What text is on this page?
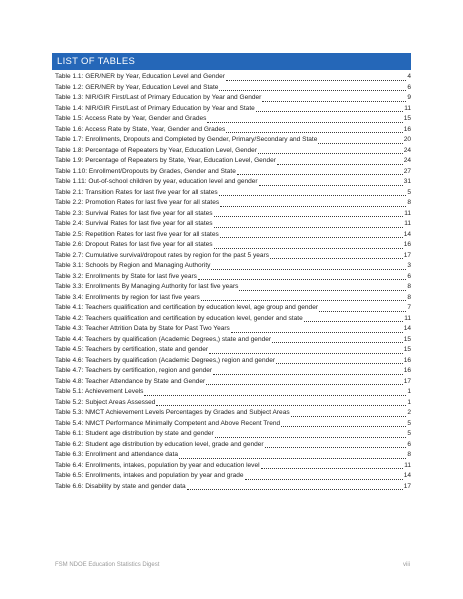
LIST OF TABLES
Table 1.1: GER/NER by Year, Education Level and Gender	4
Table 1.2: GER/NER by Year, Education Level and State	6
Table 1.3: NIR/GIR First/Last of Primary Education by Year and Gender	9
Table 1.4: NIR/GIR First/Last of Primary Education by Year and State	11
Table 1.5: Access Rate by Year, Gender and Grades	15
Table 1.6: Access Rate by State, Year, Gender and Grades	16
Table 1.7: Enrollments, Dropouts and Completed by Gender, Primary/Secondary and State	20
Table 1.8: Percentage of Repeaters by Year, Education Level, Gender	24
Table 1.9: Percentage of Repeaters by State, Year, Education Level, Gender	24
Table 1.10: Enrollment/Dropouts by Grades, Gender and State	27
Table 1.11: Out-of-school children by year, education level and gender	31
Table 2.1: Transition Rates for last five year for all states	5
Table 2.2: Promotion Rates for last five year for all states	8
Table 2.3: Survival Rates for last five year for all states	11
Table 2.4: Survival Rates for last five year for all states	11
Table 2.5: Repetition Rates for last five year for all states	14
Table 2.6: Dropout Rates for last five year for all states	16
Table 2.7: Cumulative survival/dropout rates by region for the past 5 years	17
Table 3.1: Schools by Region and Managing Authority	3
Table 3.2: Enrollments by State for last five years	6
Table 3.3: Enrollments By Managing Authority for last five years	8
Table 3.4: Enrollments by region for last five years	8
Table 4.1: Teachers qualification and certification by education level, age group and gender	7
Table 4.2: Teachers qualification and certification by education level, gender and state	11
Table 4.3: Teacher Attrition Data by State for Past Two Years	14
Table 4.4: Teachers by qualification (Academic Degrees,) state and gender	15
Table 4.5: Teachers by certification, state and gender	15
Table 4.6: Teachers by qualification (Academic Degrees,) region and gender	16
Table 4.7: Teachers by certification, region and gender	16
Table 4.8: Teacher Attendance by State and Gender	17
Table 5.1: Achievement Levels	1
Table 5.2: Subject Areas Assessed	1
Table 5.3: NMCT Achievement Levels Percentages by Grades and Subject Areas	2
Table 5.4: NMCT Performance Minimally Competent and Above Recent Trend	5
Table 6.1: Student age distribution by state and gender	5
Table 6.2: Student age distribution by education level, grade and gender	6
Table 6.3: Enrollment and attendance data	8
Table 6.4: Enrollments, intakes, population by year and education level	11
Table 6.5: Enrollments, intakes and population by year and grade	14
Table 6.6: Disability by state and gender data	17
FSM NDOE Education Statistics Digest	viii
